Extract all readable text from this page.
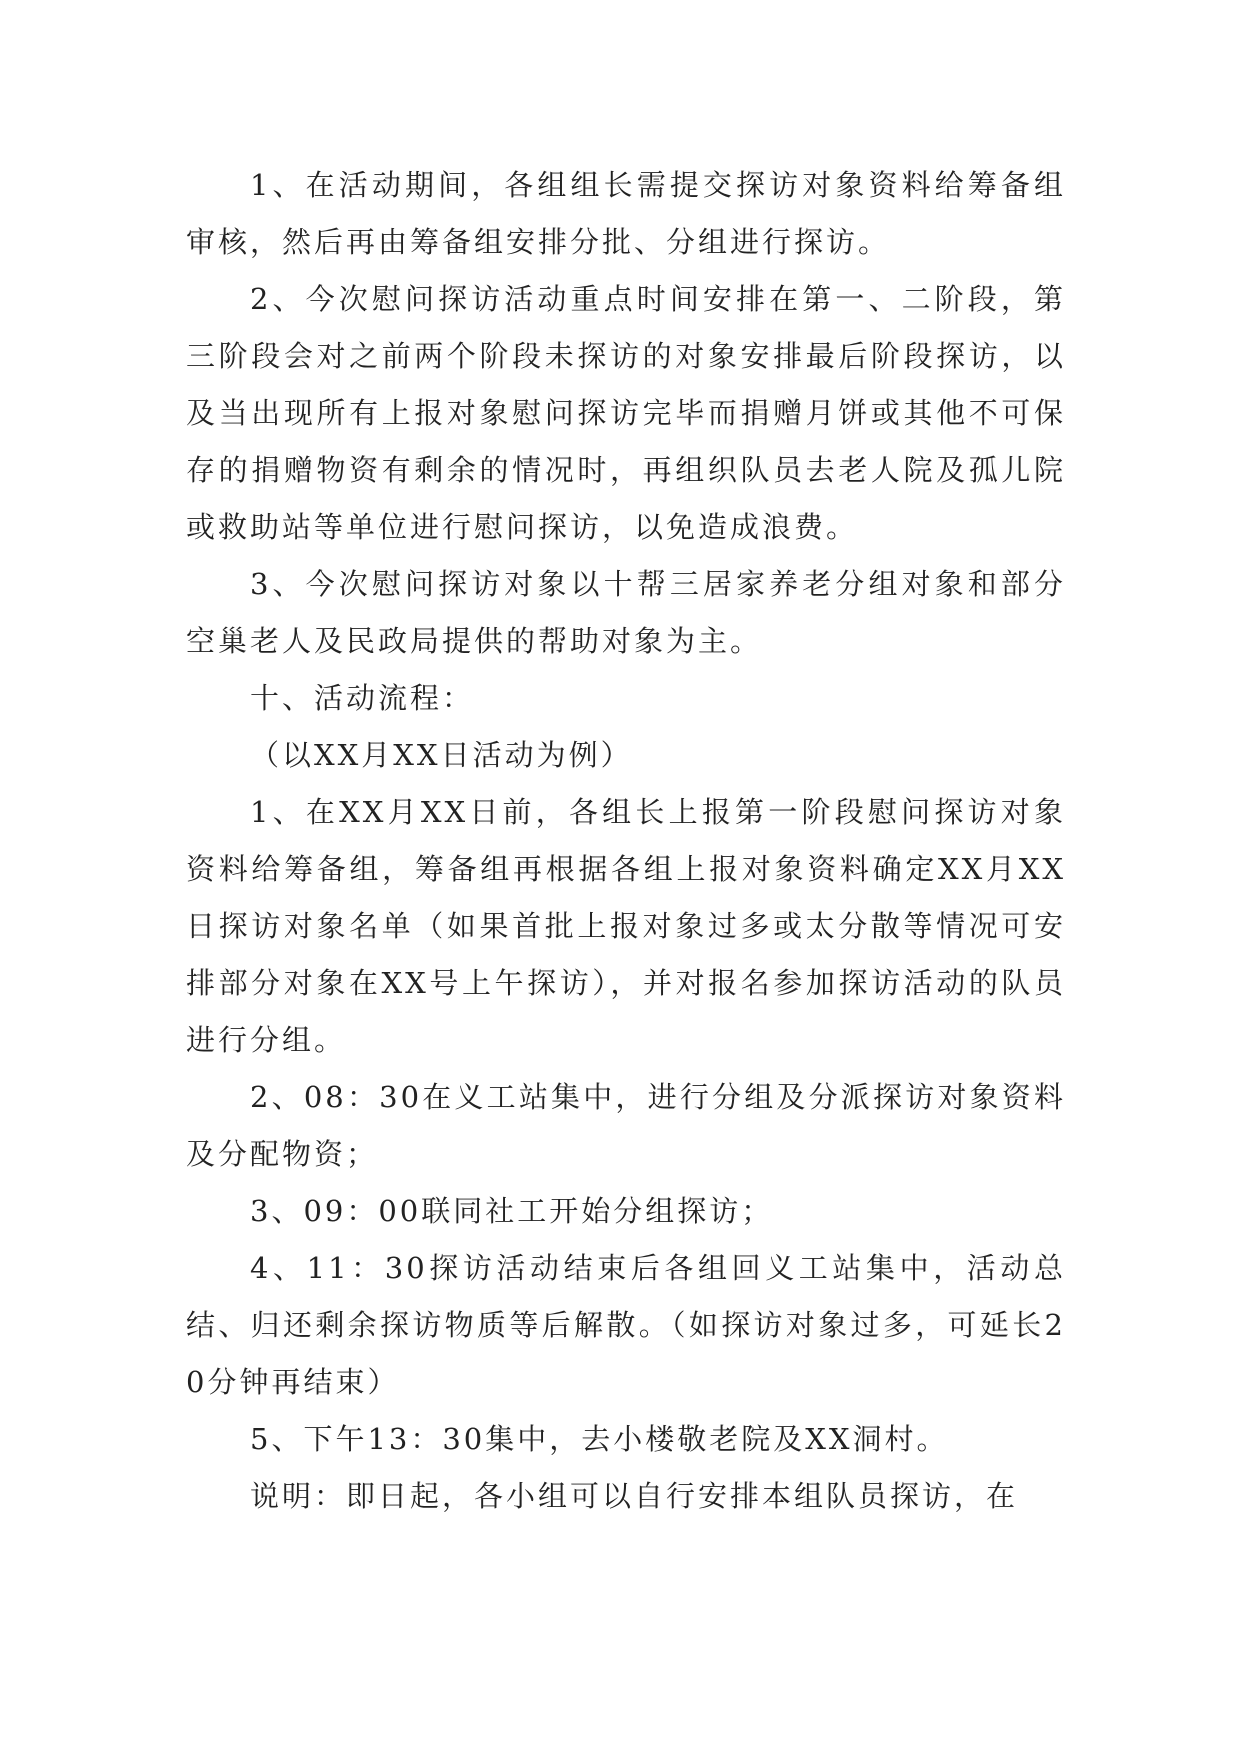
1、在活动期间，各组组长需提交探访对象资料给筹备组审核，然后再由筹备组安排分批、分组进行探访。

2、今次慰问探访活动重点时间安排在第一、二阶段，第三阶段会对之前两个阶段未探访的对象安排最后阶段探访，以及当出现所有上报对象慰问探访完毕而捐赠月饼或其他不可保存的捐赠物资有剩余的情况时，再组织队员去老人院及孤儿院或救助站等单位进行慰问探访，以免造成浪费。

3、今次慰问探访对象以十帮三居家养老分组对象和部分空巢老人及民政局提供的帮助对象为主。

十、活动流程：

（以XX月XX日活动为例）

1、在XX月XX日前，各组长上报第一阶段慰问探访对象资料给筹备组，筹备组再根据各组上报对象资料确定XX月XX日探访对象名单（如果首批上报对象过多或太分散等情况可安排部分对象在XX号上午探访），并对报名参加探访活动的队员进行分组。

2、08：30在义工站集中，进行分组及分派探访对象资料及分配物资；

3、09：00联同社工开始分组探访；

4、11：30探访活动结束后各组回义工站集中，活动总结、归还剩余探访物质等后解散。（如探访对象过多，可延长20分钟再结束）

5、下午13：30集中，去小楼敬老院及XX洞村。

说明：即日起，各小组可以自行安排本组队员探访，在
